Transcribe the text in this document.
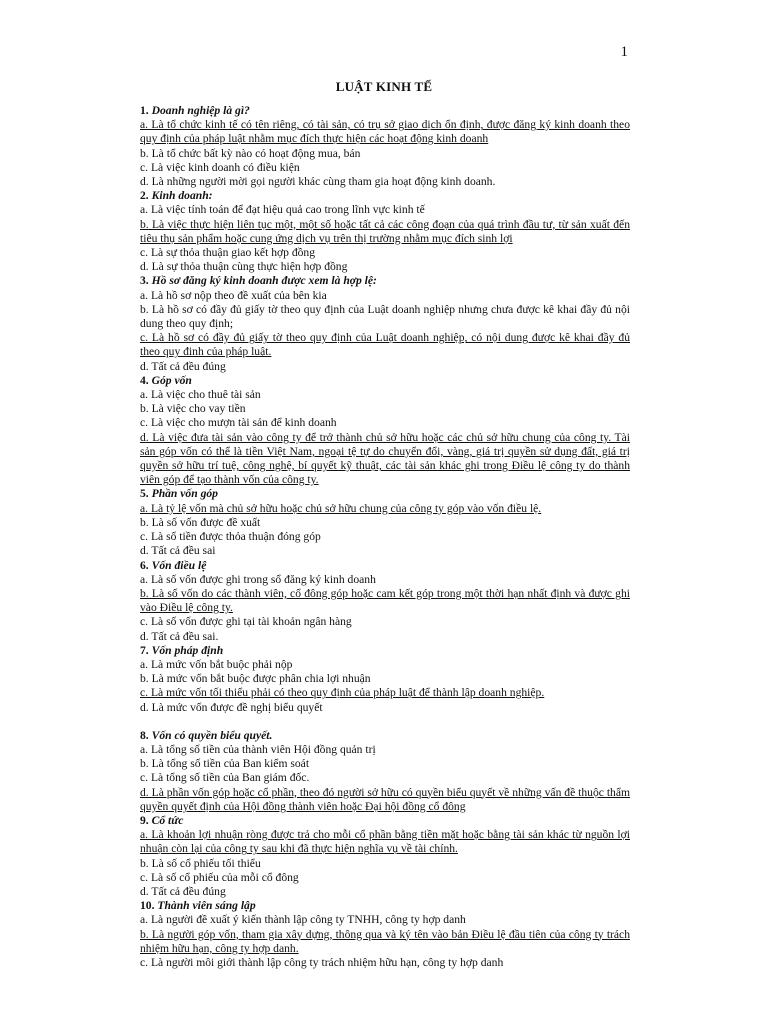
1
LUẬT KINH TẾ
1. Doanh nghiệp là gì?
a. Là tổ chức kinh tế có tên riêng, có tài sản, có trụ sở giao dịch ổn định, được đăng ký kinh doanh theo quy định của pháp luật nhằm mục đích thực hiện các hoạt động kinh doanh
b. Là tổ chức bất kỳ nào có hoạt động mua, bán
c. Là việc kinh doanh có điều kiện
d. Là những người mời gọi người khác cùng tham gia hoạt động kinh doanh.
2. Kinh doanh:
a. Là việc tính toán để đạt hiệu quả cao trong lĩnh vực kinh tế
b. Là việc thực hiện liên tục một, một số hoặc tất cả các công đoạn của quá trình đầu tư, từ sản xuất đến tiêu thụ sản phẩm hoặc cung ứng dịch vụ trên thị trường nhằm mục đích sinh lợi
c. Là sự thỏa thuận giao kết hợp đồng
d. Là sự thỏa thuận cùng thực hiện hợp đồng
3. Hồ sơ đăng ký kinh doanh được xem là hợp lệ:
a. Là hồ sơ nộp theo đề xuất của bên kia
b. Là hồ sơ có đầy đủ giấy tờ theo quy định của Luật doanh nghiệp nhưng chưa được kê khai đầy đủ nội dung theo quy định;
c. Là hồ sơ có đầy đủ giấy tờ theo quy định của Luật doanh nghiệp, có nội dung được kê khai đầy đủ theo quy định của pháp luật.
d. Tất cả đều đúng
4. Góp vốn
a. Là việc cho thuê tài sản
b. Là việc cho vay tiền
c. Là việc cho mượn tài sản để kinh doanh
d. Là việc đưa tài sản vào công ty để trở thành chủ sở hữu hoặc các chủ sở hữu chung của công ty. Tài sản góp vốn có thể là tiền Việt Nam, ngoại tệ tự do chuyển đổi, vàng, giá trị quyền sử dụng đất, giá trị quyền sở hữu trí tuệ, công nghệ, bí quyết kỹ thuật, các tài sản khác ghi trong Điều lệ công ty do thành viên góp để tạo thành vốn của công ty.
5. Phần vốn góp
a. Là tỷ lệ vốn mà chủ sở hữu hoặc chủ sở hữu chung của công ty góp vào vốn điều lệ.
b. Là số vốn được đề xuất
c. Là số tiền được thỏa thuận đóng góp
d. Tất cả đều sai
6. Vốn điều lệ
a. Là số vốn được ghi trong sổ đăng ký kinh doanh
b. Là số vốn do các thành viên, cổ đông góp hoặc cam kết góp trong một thời hạn nhất định và được ghi vào Điều lệ công ty.
c. Là số vốn được ghi tại tài khoản ngân hàng
d. Tất cả đều sai.
7. Vốn pháp định
a. Là mức vốn bắt buộc phải nộp
b. Là mức vốn bắt buộc được phân chia lợi nhuận
c. Là mức vốn tối thiểu phải có theo quy định của pháp luật để thành lập doanh nghiệp.
d. Là mức vốn được đề nghị biểu quyết
8. Vốn có quyền biểu quyết.
a. Là tổng số tiền của thành viên Hội đồng quản trị
b. Là tổng số tiền của Ban kiểm soát
c. Là tổng số tiền của Ban giám đốc.
d. Là phần vốn góp hoặc cổ phần, theo đó người sở hữu có quyền biểu quyết về những vấn đề thuộc thẩm quyền quyết định của Hội đồng thành viên hoặc Đại hội đồng cổ đông
9. Cổ tức
a. Là khoản lợi nhuận ròng được trả cho mỗi cổ phần bằng tiền mặt hoặc bằng tài sản khác từ nguồn lợi nhuận còn lại của công ty sau khi đã thực hiện nghĩa vụ về tài chính.
b. Là số cổ phiếu tối thiểu
c. Là số cổ phiếu của mỗi cổ đông
d. Tất cả đều đúng
10. Thành viên sáng lập
a. Là người đề xuất ý kiến thành lập công ty TNHH, công ty hợp danh
b. Là người góp vốn, tham gia xây dựng, thông qua và ký tên vào bản Điều lệ đầu tiên của công ty trách nhiệm hữu hạn, công ty hợp danh.
c. Là người môi giới thành lập công ty trách nhiệm hữu hạn, công ty hợp danh
